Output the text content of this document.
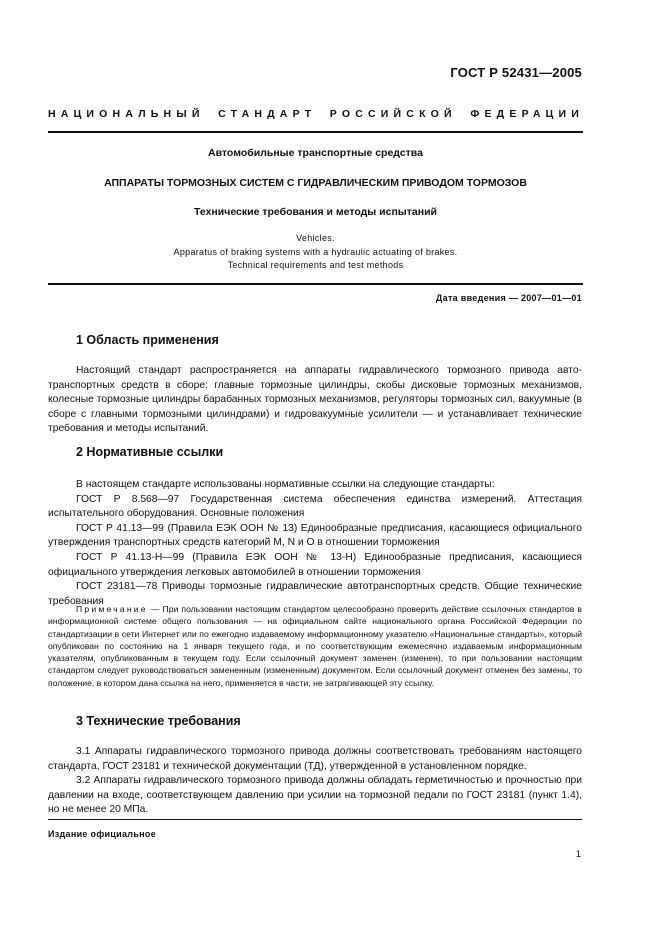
ГОСТ Р 52431—2005
НАЦИОНАЛЬНЫЙ СТАНДАРТ РОССИЙСКОЙ ФЕДЕРАЦИИ
Автомобильные транспортные средства
АППАРАТЫ ТОРМОЗНЫХ СИСТЕМ С ГИДРАВЛИЧЕСКИМ ПРИВОДОМ ТОРМОЗОВ
Технические требования и методы испытаний
Vehicles.
Apparatus of braking systems with a hydraulic actuating of brakes.
Technical requirements and test methods
Дата введения — 2007—01—01
1 Область применения
Настоящий стандарт распространяется на аппараты гидравлического тормозного привода автотранспортных средств в сборе: главные тормозные цилиндры, скобы дисковые тормозных механизмов, колесные тормозные цилиндры барабанных тормозных механизмов, регуляторы тормозных сил, вакуумные (в сборе с главными тормозными цилиндрами) и гидровакуумные усилители — и устанавливает технические требования и методы испытаний.
2 Нормативные ссылки
В настоящем стандарте использованы нормативные ссылки на следующие стандарты:
ГОСТ Р 8.568—97 Государственная система обеспечения единства измерений. Аттестация испытательного оборудования. Основные положения
ГОСТ Р 41.13—99 (Правила ЕЭК ООН № 13) Единообразные предписания, касающиеся официального утверждения транспортных средств категорий М, N и О в отношении торможения
ГОСТ Р 41.13-Н—99 (Правила ЕЭК ООН № 13-Н) Единообразные предписания, касающиеся официального утверждения легковых автомобилей в отношении торможения
ГОСТ 23181—78 Приводы тормозные гидравлические автотранспортных средств. Общие технические требования
Примечание — При пользовании настоящим стандартом целесообразно проверить действие ссылочных стандартов в информационной системе общего пользования — на официальном сайте национального органа Российской Федерации по стандартизации в сети Интернет или по ежегодно издаваемому информационному указателю «Национальные стандарты», который опубликован по состоянию на 1 января текущего года, и по соответствующим ежемесячно издаваемым информационным указателям, опубликованным в текущем году. Если ссылочный документ заменен (изменен), то при пользовании настоящим стандартом следует руководствоваться замененным (измененным) документом. Если ссылочный документ отменен без замены, то положение, в котором дана ссылка на него, применяется в части, не затрагивающей эту ссылку.
3 Технические требования
3.1 Аппараты гидравлического тормозного привода должны соответствовать требованиям настоящего стандарта, ГОСТ 23181 и технической документации (ТД), утвержденной в установленном порядке.
3.2 Аппараты гидравлического тормозного привода должны обладать герметичностью и прочностью при давлении на входе, соответствующем давлению при усилии на тормозной педали по ГОСТ 23181 (пункт 1.4), но не менее 20 МПа.
Издание официальное
1
